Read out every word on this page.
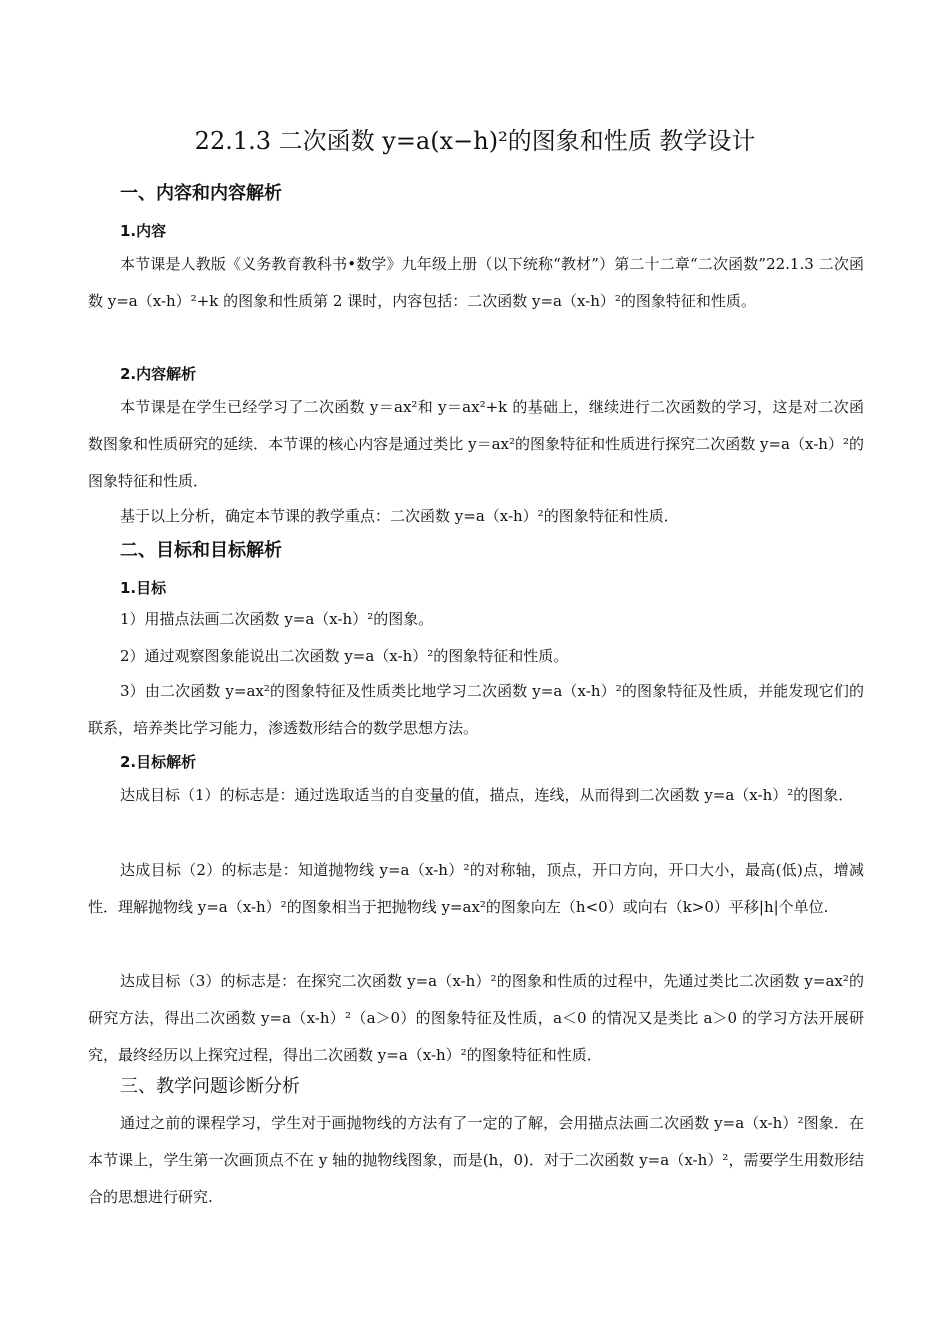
22.1.3 二次函数 y=a(x−h)²的图象和性质 教学设计
一、内容和内容解析
1.内容

本节课是人教版《义务教育教科书•数学》九年级上册（以下统称“教材”）第二十二章“二次函数”22.1.3 二次函数 y=a（x-h）²+k 的图象和性质第 2 课时，内容包括：二次函数 y=a（x-h）²的图象特征和性质。

2.内容解析

本节课是在学生已经学习了二次函数 y＝ax²和 y＝ax²+k 的基础上，继续进行二次函数的学习，这是对二次函数图象和性质研究的延续．本节课的核心内容是通过类比 y＝ax²的图象特征和性质进行探究二次函数 y=a（x-h）²的图象特征和性质．

基于以上分析，确定本节课的教学重点：二次函数 y=a（x-h）²的图象特征和性质．

二、目标和目标解析
1.目标

1）用描点法画二次函数 y=a（x-h）²的图象。

2）通过观察图象能说出二次函数 y=a（x-h）²的图象特征和性质。

3）由二次函数 y=ax²的图象特征及性质类比地学习二次函数 y=a（x-h）²的图象特征及性质，并能发现它们的联系，培养类比学习能力，渗透数形结合的数学思想方法。

2.目标解析

达成目标（1）的标志是：通过选取适当的自变量的值，描点，连线，从而得到二次函数 y=a（x-h）²的图象．

达成目标（2）的标志是：知道抛物线 y=a（x-h）²的对称轴，顶点，开口方向，开口大小，最高(低)点，增减性．理解抛物线 y=a（x-h）²的图象相当于把抛物线 y=ax²的图象向左（h<0）或向右（k>0）平移|h|个单位.

达成目标（3）的标志是：在探究二次函数 y=a（x-h）²的图象和性质的过程中，先通过类比二次函数 y=ax²的研究方法，得出二次函数 y=a（x-h）²（a＞0）的图象特征及性质，a＜0 的情况又是类比 a＞0 的学习方法开展研究，最终经历以上探究过程，得出二次函数 y=a（x-h）²的图象特征和性质．

三、教学问题诊断分析

通过之前的课程学习，学生对于画抛物线的方法有了一定的了解，会用描点法画二次函数 y=a（x-h）²图象．在本节课上，学生第一次画顶点不在 y 轴的抛物线图象，而是(h，0)．对于二次函数 y=a（x-h）²，需要学生用数形结合的思想进行研究.
